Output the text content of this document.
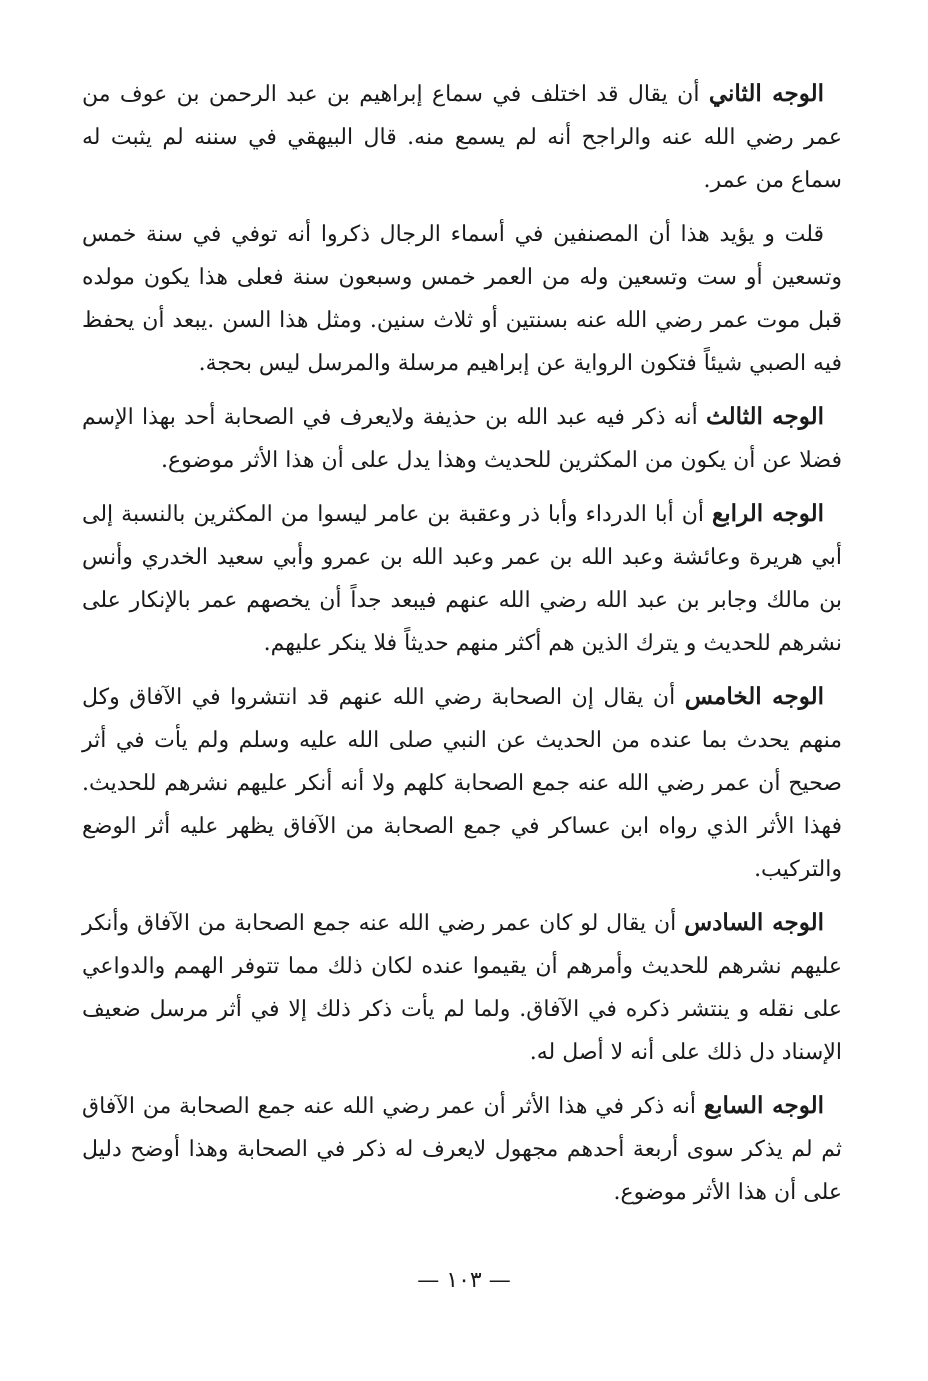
الوجه الثاني أن يقال قد اختلف في سماع إبراهيم بن عبد الرحمن بن عوف من عمر رضي الله عنه والراجح أنه لم يسمع منه. قال البيهقي في سننه لم يثبت له سماع من عمر.

قلت و يؤيد هذا أن المصنفين في أسماء الرجال ذكروا أنه توفي في سنة خمس وتسعين أو ست وتسعين وله من العمر خمس وسبعون سنة فعلى هذا يكون مولده قبل موت عمر رضي الله عنه بسنتين أو ثلاث سنين. ومثل هذا السن .يبعد أن يحفظ فيه الصبي شيئاً فتكون الرواية عن إبراهيم مرسلة والمرسل ليس بحجة.

الوجه الثالث أنه ذكر فيه عبد الله بن حذيفة ولايعرف في الصحابة أحد بهذا الإسم فضلا عن أن يكون من المكثرين للحديث وهذا يدل على أن هذا الأثر موضوع.

الوجه الرابع أن أبا الدرداء وأبا ذر وعقبة بن عامر ليسوا من المكثرين بالنسبة إلى أبي هريرة وعائشة وعبد الله بن عمر وعبد الله بن عمرو وأبي سعيد الخدري وأنس بن مالك وجابر بن عبد الله رضي الله عنهم فيبعد جداً أن يخصهم عمر بالإنكار على نشرهم للحديث و يترك الذين هم أكثر منهم حديثاً فلا ينكر عليهم.

الوجه الخامس أن يقال إن الصحابة رضي الله عنهم قد انتشروا في الآفاق وكل منهم يحدث بما عنده من الحديث عن النبي صلى الله عليه وسلم ولم يأت في أثر صحيح أن عمر رضي الله عنه جمع الصحابة كلهم ولا أنه أنكر عليهم نشرهم للحديث. فهذا الأثر الذي رواه ابن عساكر في جمع الصحابة من الآفاق يظهر عليه أثر الوضع والتركيب.

الوجه السادس أن يقال لو كان عمر رضي الله عنه جمع الصحابة من الآفاق وأنكر عليهم نشرهم للحديث وأمرهم أن يقيموا عنده لكان ذلك مما تتوفر الهمم والدواعي على نقله و ينتشر ذكره في الآفاق. ولما لم يأت ذكر ذلك إلا في أثر مرسل ضعيف الإسناد دل ذلك على أنه لا أصل له.

الوجه السابع أنه ذكر في هذا الأثر أن عمر رضي الله عنه جمع الصحابة من الآفاق ثم لم يذكر سوى أربعة أحدهم مجهول لايعرف له ذكر في الصحابة وهذا أوضح دليل على أن هذا الأثر موضوع.

— ١٠٣ —
